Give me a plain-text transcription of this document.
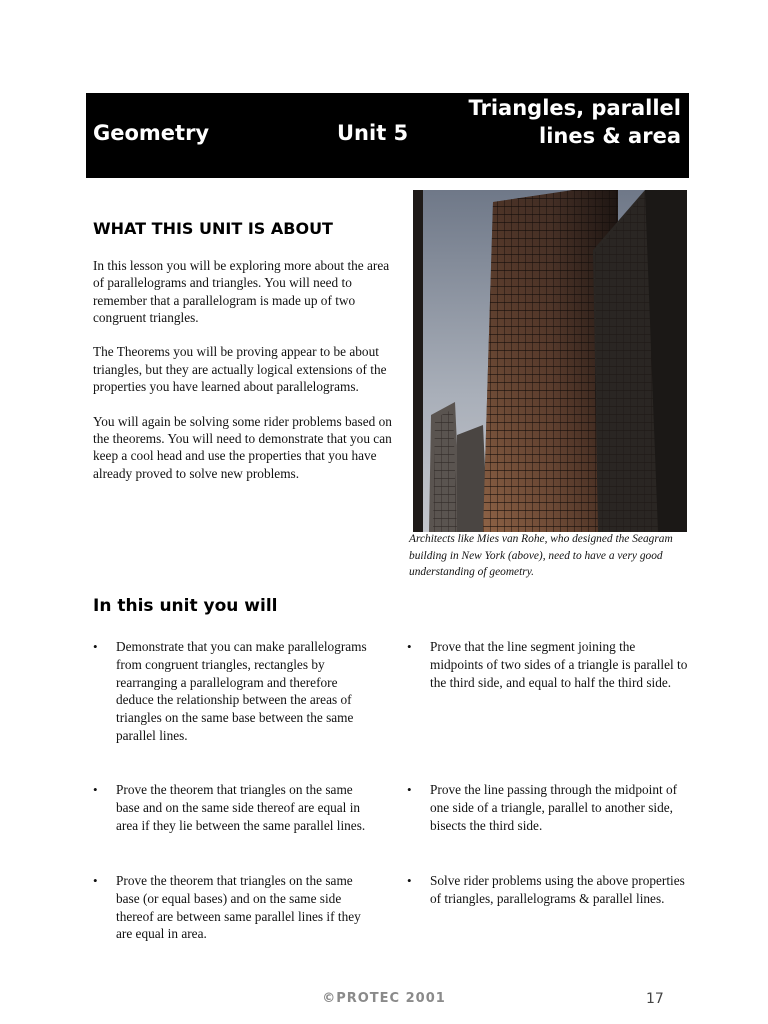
Geometry	Unit 5
Triangles, parallel lines & area
WHAT THIS UNIT IS ABOUT

In this lesson you will be exploring more about the area of parallelograms and triangles. You will need to remember that a parallelogram is made up of two congruent triangles.

The Theorems you will be proving appear to be about triangles, but they are actually logical extensions of the properties you have learned about parallelograms.

You will again be solving some rider problems based on the theorems. You will need to demonstrate that you can keep a cool head and use the properties that you have already proved to solve new problems.

Architects like Mies van Rohe, who designed the Seagram building in New York (above), need to have a very good understanding of geometry.
In this unit you will
• Demonstrate that you can make parallelograms from congruent triangles, rectangles by rearranging a parallelogram and therefore deduce the relationship between the areas of triangles on the same base between the same parallel lines.
• Prove the theorem that triangles on the same base and on the same side thereof are equal in area if they lie between the same parallel lines.
• Prove the theorem that triangles on the same base (or equal bases) and on the same side thereof are between same parallel lines if they are equal in area.
• Prove that the line segment joining the midpoints of two sides of a triangle is parallel to the third side, and equal to half the third side.
• Prove the line passing through the midpoint of one side of a triangle, parallel to another side, bisects the third side.
• Solve rider problems using the above properties of triangles, parallelograms & parallel lines.
©PROTEC 2001	17
